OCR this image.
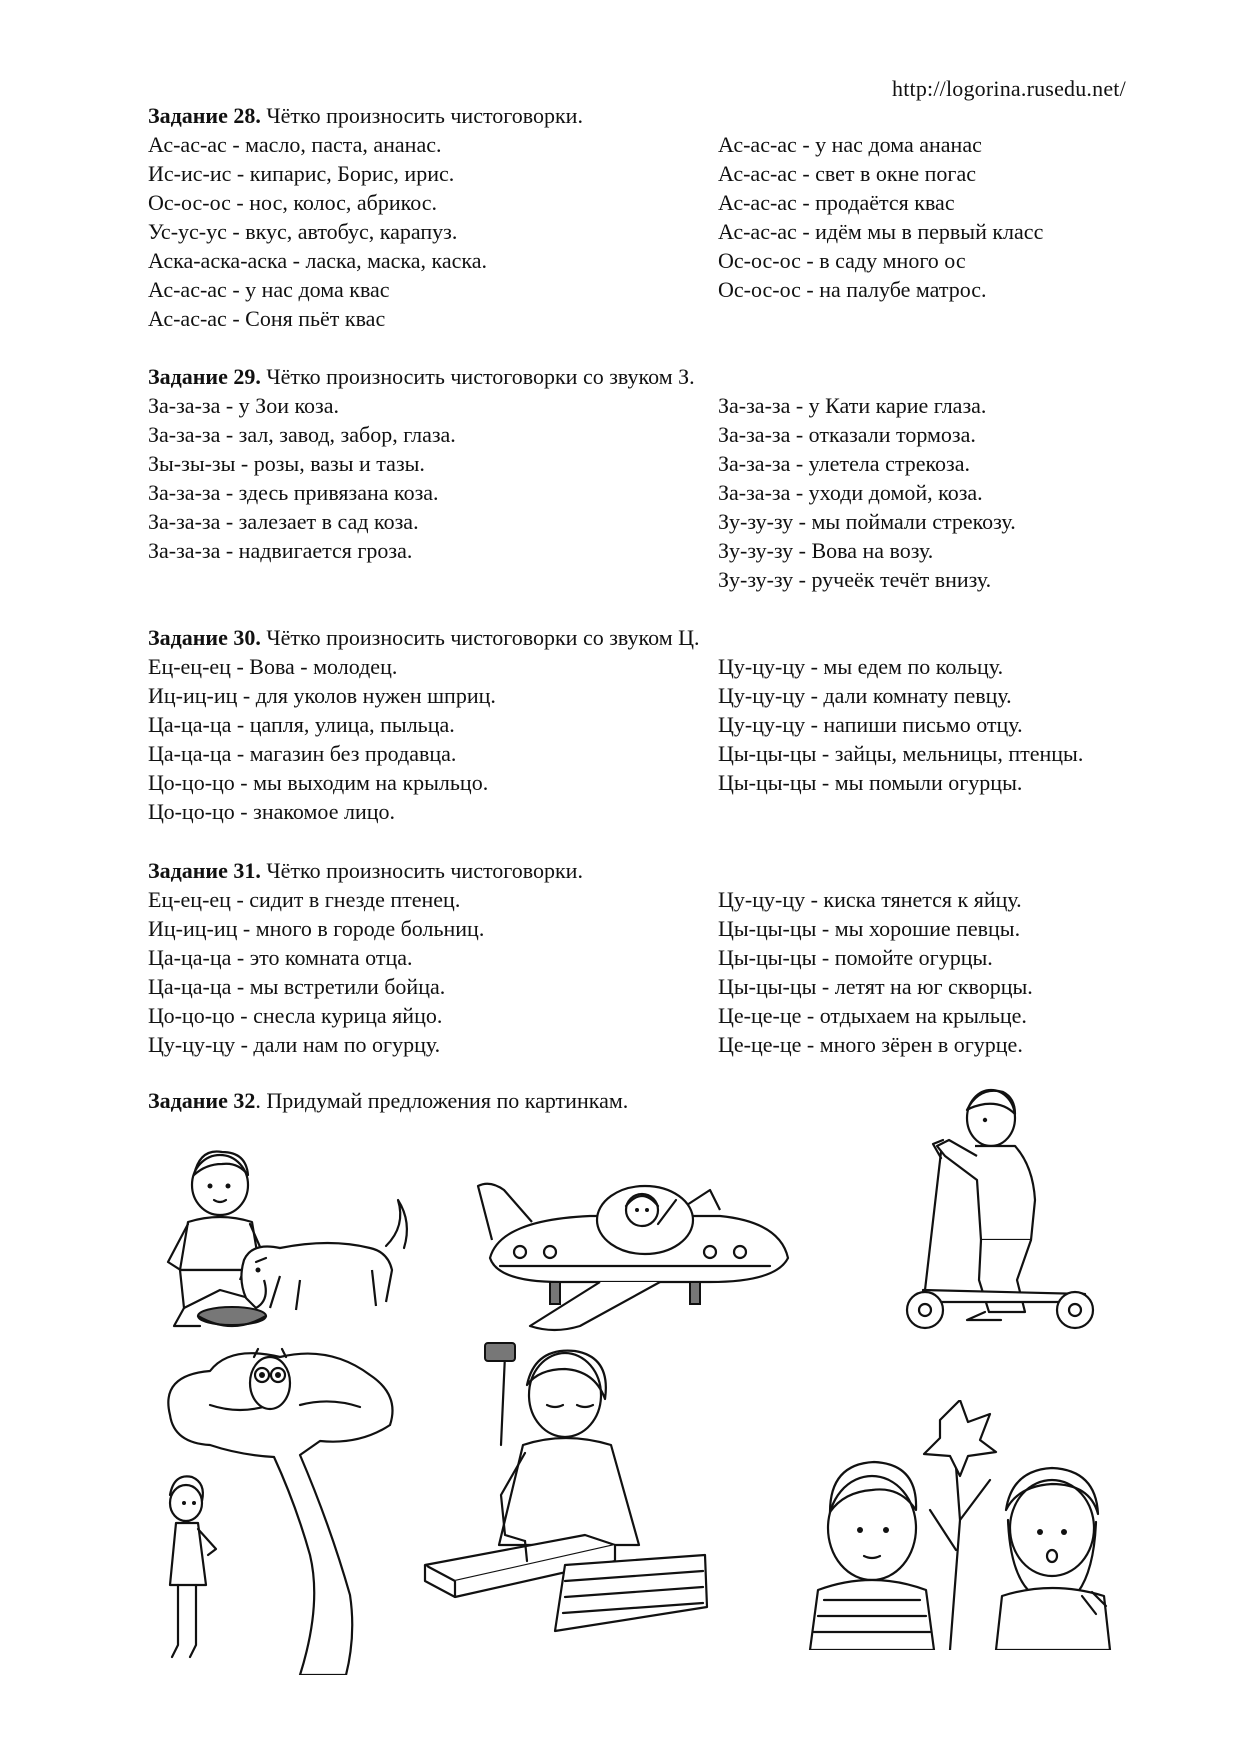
http://logorina.rusedu.net/
Задание 28. Чётко произносить чистоговорки.
Ас-ас-ас - масло, паста, ананас.
Ис-ис-ис - кипарис, Борис, ирис.
Ос-ос-ос - нос, колос, абрикос.
Ус-ус-ус - вкус, автобус, карапуз.
Аска-аска-аска - ласка, маска, каска.
Ас-ас-ас - у нас дома квас
Ас-ас-ас - Соня пьёт квас
Ас-ас-ас - у нас дома ананас
Ас-ас-ас - свет в окне погас
Ас-ас-ас - продаётся квас
Ас-ас-ас - идём мы в первый класс
Ос-ос-ос - в саду много ос
Ос-ос-ос - на палубе матрос.
Задание 29. Чётко произносить чистоговорки со звуком З.
За-за-за - у Зои коза.
За-за-за - зал, завод, забор, глаза.
Зы-зы-зы - розы, вазы и тазы.
За-за-за - здесь привязана коза.
За-за-за - залезает в сад коза.
За-за-за - надвигается гроза.
За-за-за - у Кати карие глаза.
За-за-за - отказали тормоза.
За-за-за - улетела стрекоза.
За-за-за - уходи домой, коза.
Зу-зу-зу - мы поймали стрекозу.
Зу-зу-зу - Вова на возу.
Зу-зу-зу - ручеёк течёт внизу.
Задание 30. Чётко произносить чистоговорки со звуком Ц.
Ец-ец-ец - Вова - молодец.
Иц-иц-иц - для уколов нужен шприц.
Ца-ца-ца - цапля, улица, пыльца.
Ца-ца-ца - магазин без продавца.
Цо-цо-цо - мы выходим на крыльцо.
Цо-цо-цо - знакомое лицо.
Цу-цу-цу - мы едем по кольцу.
Цу-цу-цу - дали комнату певцу.
Цу-цу-цу - напиши письмо отцу.
Цы-цы-цы - зайцы, мельницы, птенцы.
Цы-цы-цы - мы помыли огурцы.
Задание 31. Чётко произносить чистоговорки.
Ец-ец-ец - сидит в гнезде птенец.
Иц-иц-иц - много в городе больниц.
Ца-ца-ца - это комната отца.
Ца-ца-ца - мы встретили бойца.
Цо-цо-цо - снесла курица яйцо.
Цу-цу-цу - дали нам по огурцу.
Цу-цу-цу - киска тянется к яйцу.
Цы-цы-цы - мы хорошие певцы.
Цы-цы-цы - помойте огурцы.
Цы-цы-цы - летят на юг скворцы.
Це-це-це - отдыхаем на крыльце.
Це-це-це - много зёрен в огурце.
Задание 32. Придумай предложения по картинкам.
